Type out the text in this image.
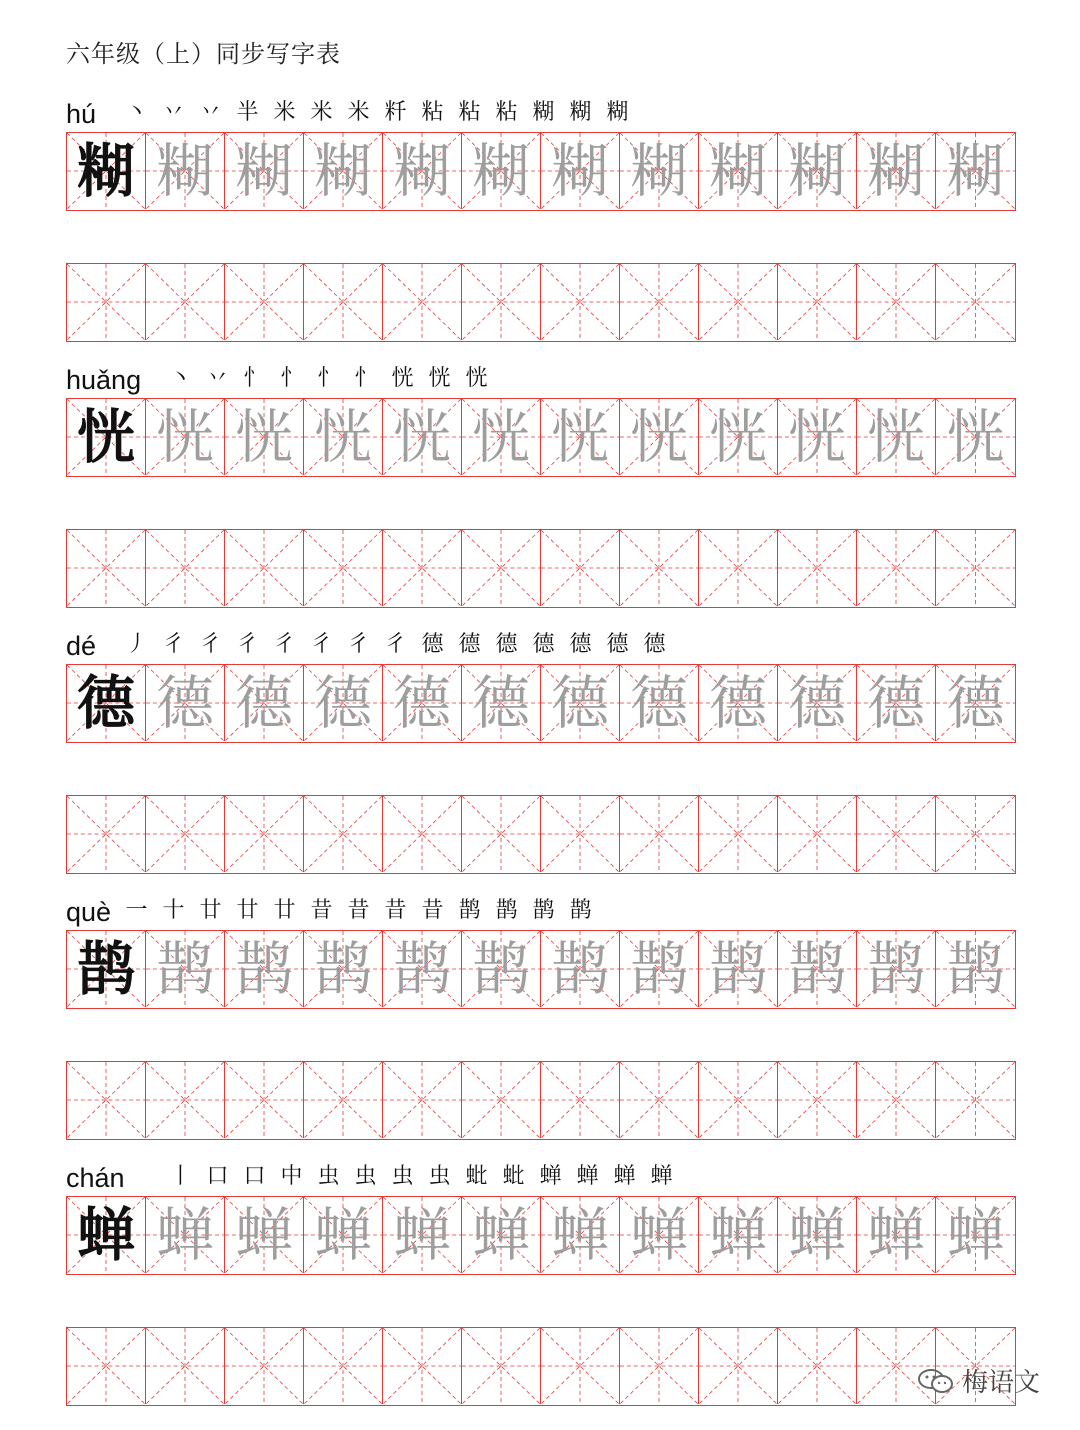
六年级（上）同步写字表
hú	丶 丷 丷 半 米 米 米 粁 粘 粘 粘 糊 糊 糊
糊 糊 糊 糊 糊 糊 糊 糊 糊 糊 糊 糊
huǎng	丶 丷 忄 忄 忄 忄 恍 恍 恍
恍 恍 恍 恍 恍 恍 恍 恍 恍 恍 恍 恍
dé	丿 彳 彳 彳 彳 彳 彳 彳 德 德 德 德 德 德 德
德 德 德 德 德 德 德 德 德 德 德 德
què 一 十 廿 廿 廿 昔 昔 昔 昔 鹊 鹊 鹊 鹊
鹊 鹊 鹊 鹊 鹊 鹊 鹊 鹊 鹊 鹊 鹊 鹊
chán	丨 口 口 中 虫 虫 虫 虫 蚍 蚍 蝉 蝉 蝉 蝉
蝉 蝉 蝉 蝉 蝉 蝉 蝉 蝉 蝉 蝉 蝉 蝉
梅语文
